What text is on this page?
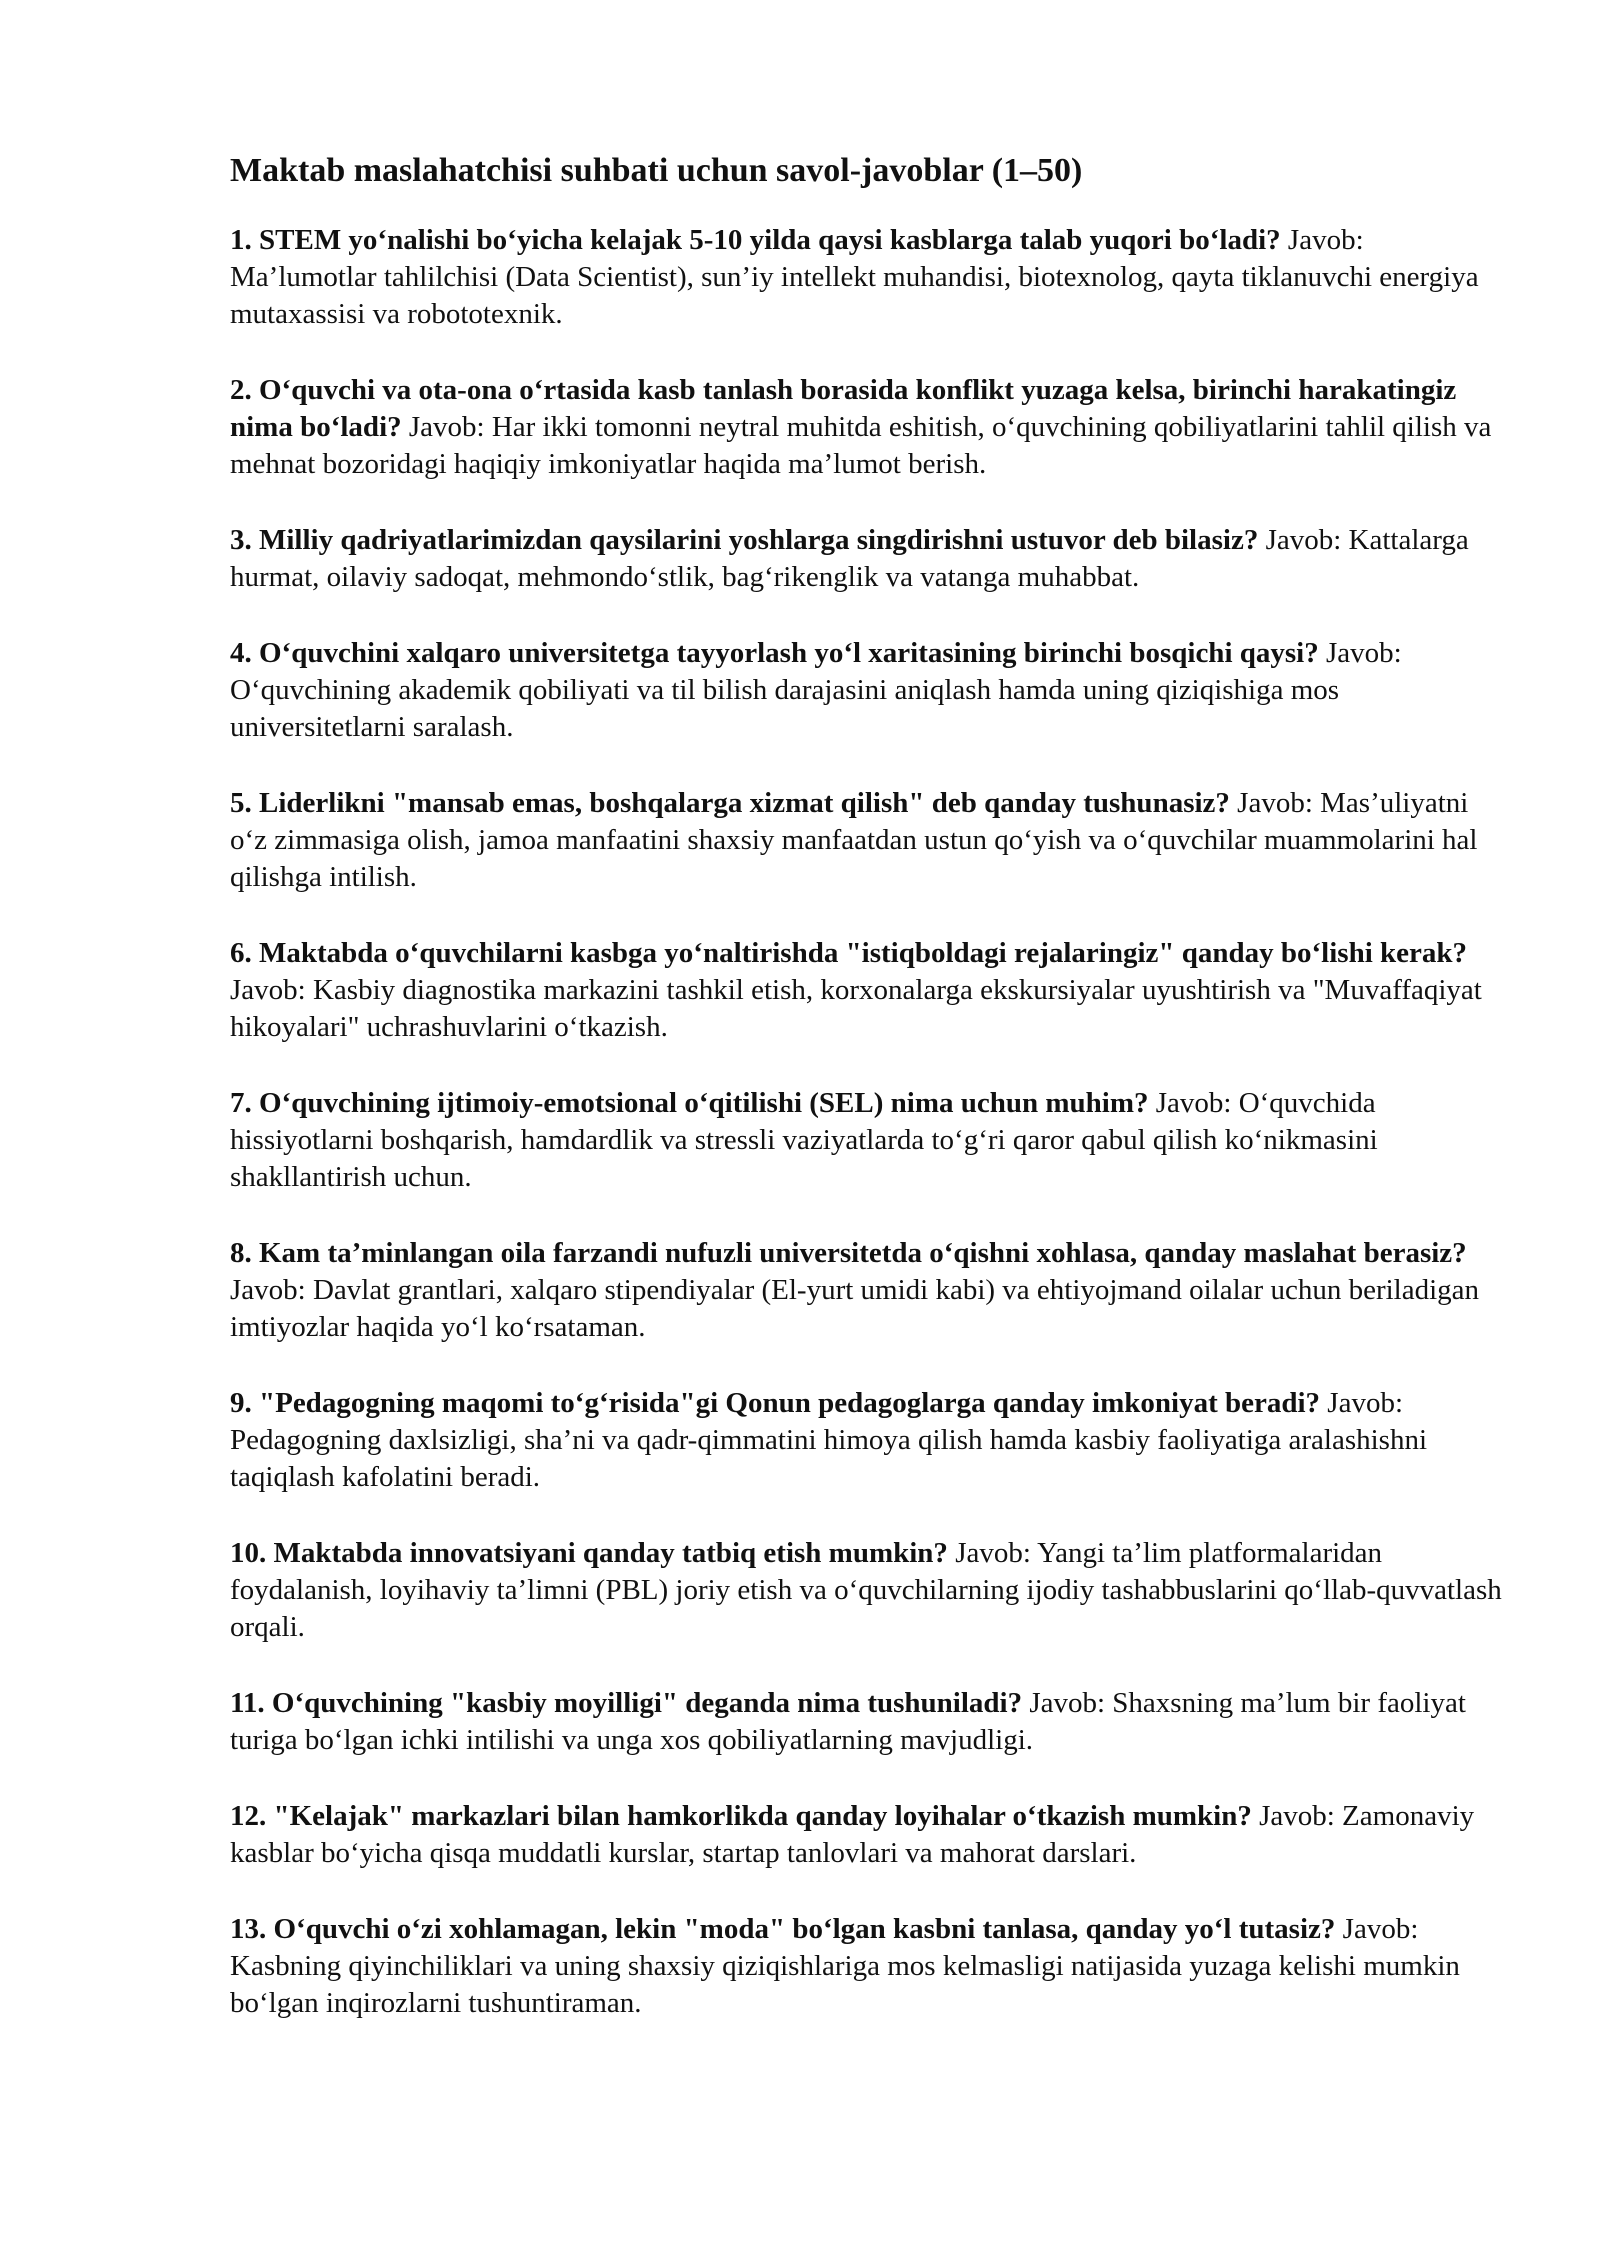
Maktab maslahatchisi suhbati uchun savol-javoblar (1–50)

1. STEM yo‘nalishi bo‘yicha kelajak 5-10 yilda qaysi kasblarga talab yuqori bo‘ladi? Javob: Ma’lumotlar tahlilchisi (Data Scientist), sun’iy intellekt muhandisi, biotexnolog, qayta tiklanuvchi energiya mutaxassisi va robototexnik.

2. O‘quvchi va ota-ona o‘rtasida kasb tanlash borasida konflikt yuzaga kelsa, birinchi harakatingiz nima bo‘ladi? Javob: Har ikki tomonni neytral muhitda eshitish, o‘quvchining qobiliyatlarini tahlil qilish va mehnat bozoridagi haqiqiy imkoniyatlar haqida ma’lumot berish.

3. Milliy qadriyatlarimizdan qaysilarini yoshlarga singdirishni ustuvor deb bilasiz? Javob: Kattalarga hurmat, oilaviy sadoqat, mehmondo‘stlik, bag‘rikenglik va vatanga muhabbat.

4. O‘quvchini xalqaro universitetga tayyorlash yo‘l xaritasining birinchi bosqichi qaysi? Javob: O‘quvchining akademik qobiliyati va til bilish darajasini aniqlash hamda uning qiziqishiga mos universitetlarni saralash.

5. Liderlikni "mansab emas, boshqalarga xizmat qilish" deb qanday tushunasiz? Javob: Mas’uliyatni o‘z zimmasiga olish, jamoa manfaatini shaxsiy manfaatdan ustun qo‘yish va o‘quvchilar muammolarini hal qilishga intilish.

6. Maktabda o‘quvchilarni kasbga yo‘naltirishda "istiqboldagi rejalaringiz" qanday bo‘lishi kerak? Javob: Kasbiy diagnostika markazini tashkil etish, korxonalarga ekskursiyalar uyushtirish va "Muvaffaqiyat hikoyalari" uchrashuvlarini o‘tkazish.

7. O‘quvchining ijtimoiy-emotsional o‘qitilishi (SEL) nima uchun muhim? Javob: O‘quvchida hissiyotlarni boshqarish, hamdardlik va stressli vaziyatlarda to‘g‘ri qaror qabul qilish ko‘nikmasini shakllantirish uchun.

8. Kam ta’minlangan oila farzandi nufuzli universitetda o‘qishni xohlasa, qanday maslahat berasiz? Javob: Davlat grantlari, xalqaro stipendiyalar (El-yurt umidi kabi) va ehtiyojmand oilalar uchun beriladigan imtiyozlar haqida yo‘l ko‘rsataman.

9. "Pedagogning maqomi to‘g‘risida"gi Qonun pedagoglarga qanday imkoniyat beradi? Javob: Pedagogning daxlsizligi, sha’ni va qadr-qimmatini himoya qilish hamda kasbiy faoliyatiga aralashishni taqiqlash kafolatini beradi.

10. Maktabda innovatsiyani qanday tatbiq etish mumkin? Javob: Yangi ta’lim platformalaridan foydalanish, loyihaviy ta’limni (PBL) joriy etish va o‘quvchilarning ijodiy tashabbuslarini qo‘llab-quvvatlash orqali.

11. O‘quvchining "kasbiy moyilligi" deganda nima tushuniladi? Javob: Shaxsning ma’lum bir faoliyat turiga bo‘lgan ichki intilishi va unga xos qobiliyatlarning mavjudligi.

12. "Kelajak" markazlari bilan hamkorlikda qanday loyihalar o‘tkazish mumkin? Javob: Zamonaviy kasblar bo‘yicha qisqa muddatli kurslar, startap tanlovlari va mahorat darslari.

13. O‘quvchi o‘zi xohlamagan, lekin "moda" bo‘lgan kasbni tanlasa, qanday yo‘l tutasiz? Javob: Kasbning qiyinchiliklari va uning shaxsiy qiziqishlariga mos kelmasligi natijasida yuzaga kelishi mumkin bo‘lgan inqirozlarni tushuntiraman.
